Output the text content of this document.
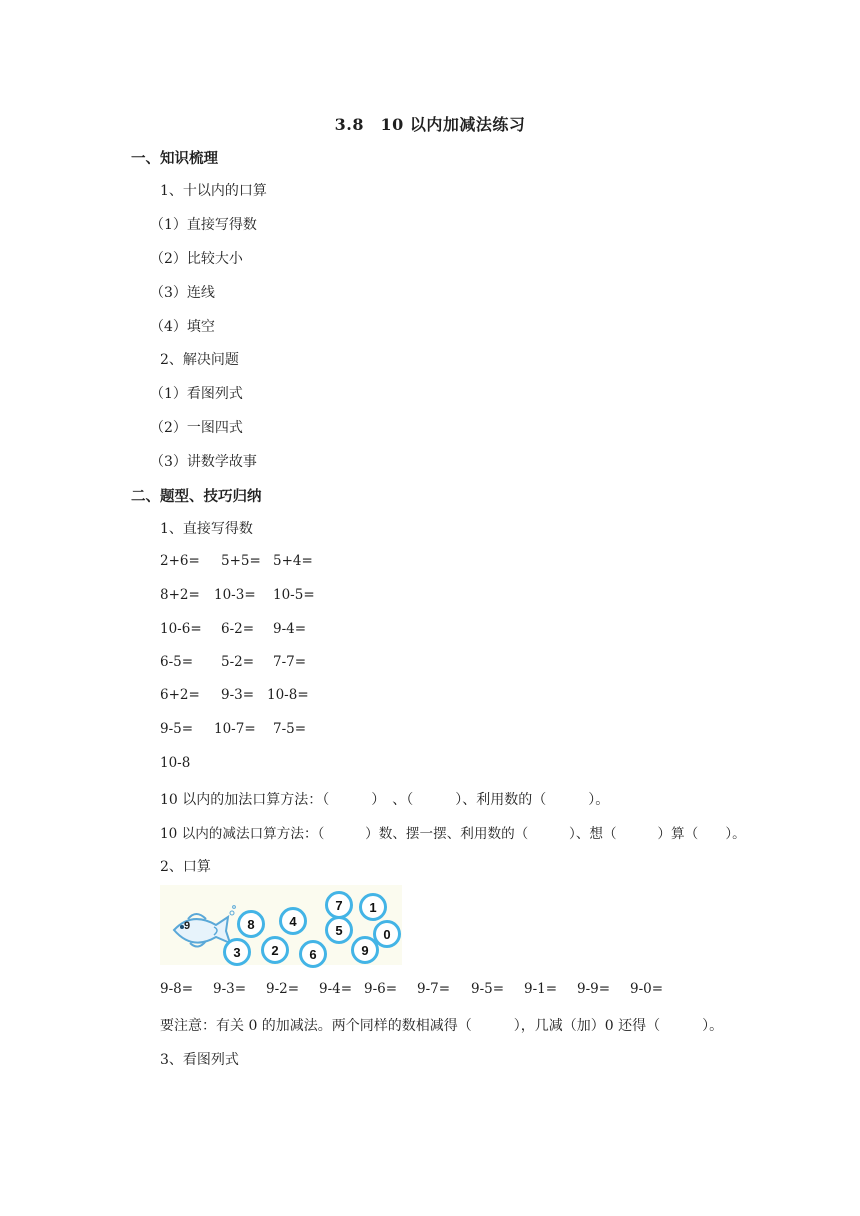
3.8　10 以内加减法练习
一、知识梳理
1、十以内的口算
（1）直接写得数
（2）比较大小
（3）连线
（4）填空
2、解决问题
（1）看图列式
（2）一图四式
（3）讲数学故事
二、题型、技巧归纳
1、直接写得数
2+6= 5+5= 5+4=
8+2= 10-3= 10-5=
10-6= 6-2= 9-4=
6-5= 5-2= 7-7=
6+2= 9-3= 10-8=
9-5= 10-7= 7-5=
10-8
10 以内的加法口算方法：（　　　）　、（　　　）、利用数的（　　　）。
10 以内的减法口算方法：（　　　）数、摆一摆、利用数的（　　　）、想（　　　）算（　　）。
2、口算
9
7	1
8	4
5	0
3	2	6	9
9-8= 9-3= 9-2= 9-4= 9-6= 9-7= 9-5= 9-1= 9-9= 9-0=
要注意：有关 0 的加减法。两个同样的数相减得（　　　），几减（加）0 还得（　　　）。
3、看图列式
